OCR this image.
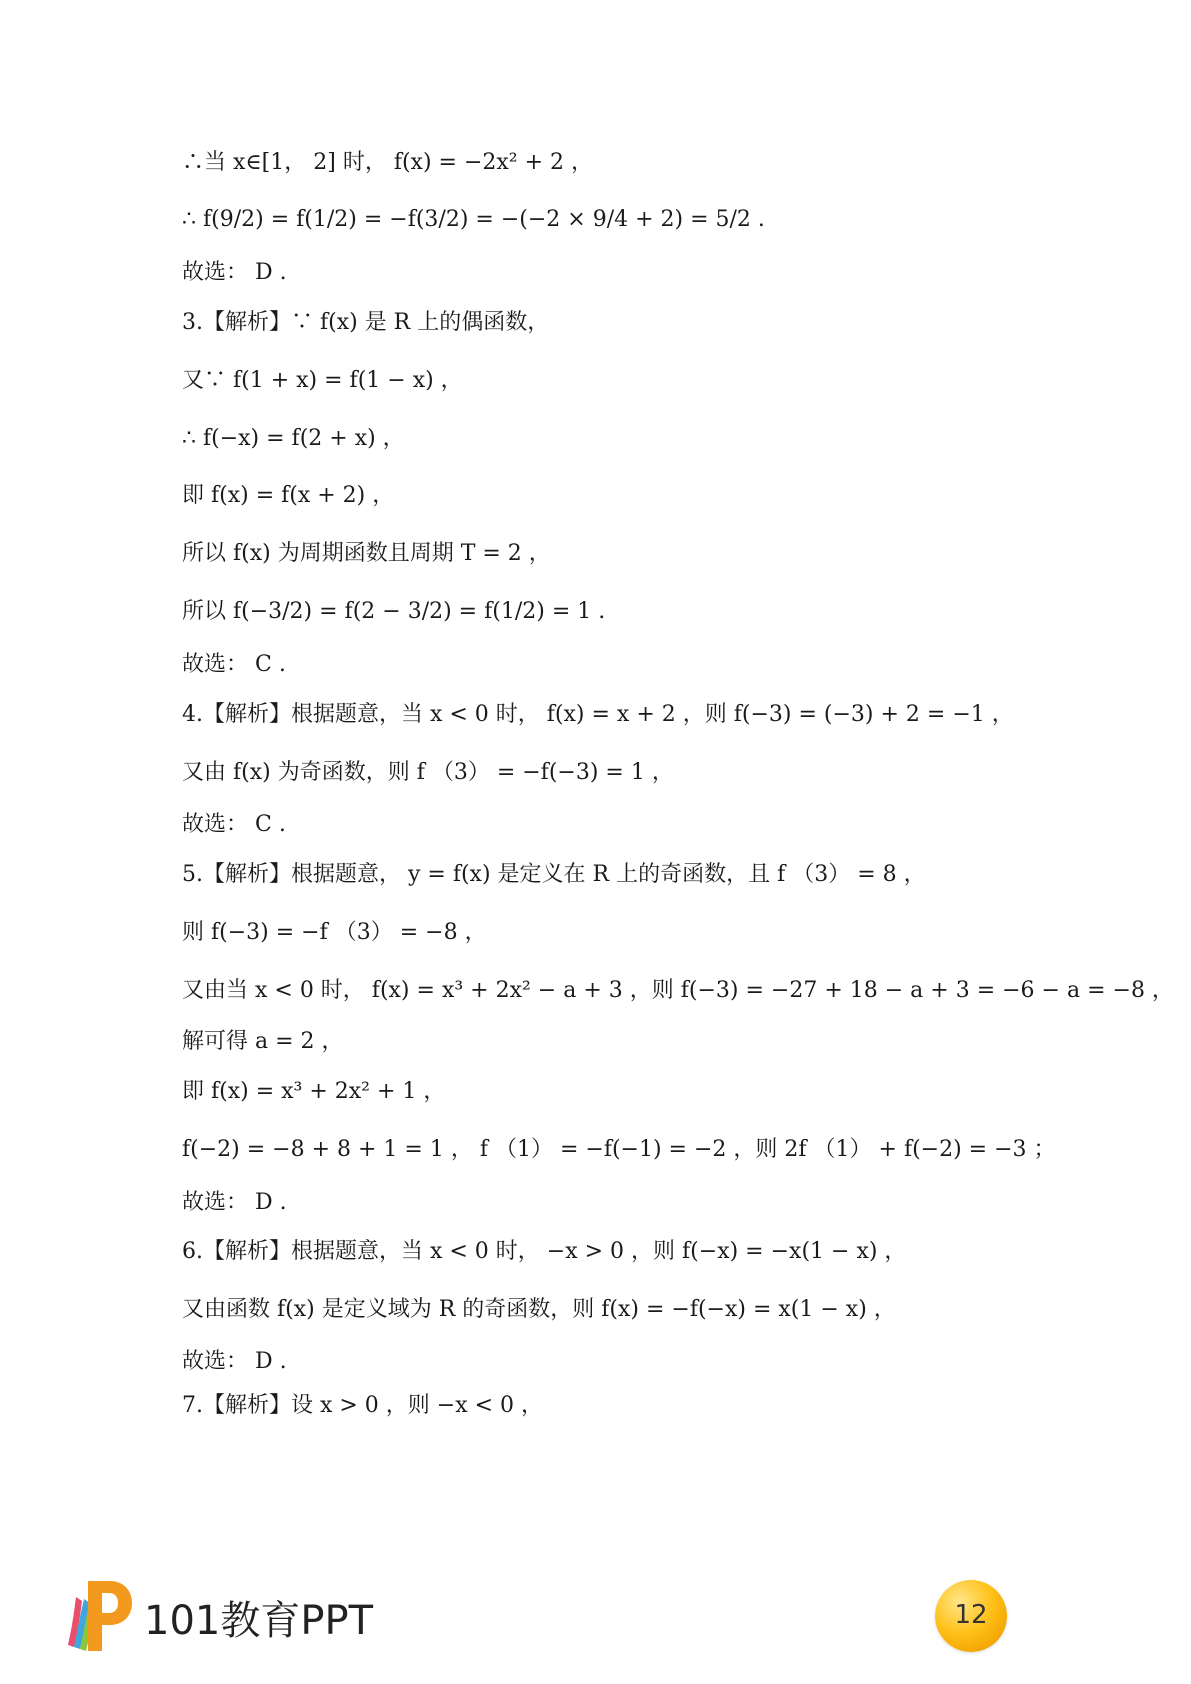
∴当 x∈[1， 2] 时， f(x) = −2x² + 2 ，
∴ f(9/2) = f(1/2) = −f(3/2) = −(−2 × 9/4 + 2) = 5/2 .
故选： D .
3.【解析】∵ f(x) 是 R 上的偶函数，
又∵ f(1 + x) = f(1 − x) ，
∴ f(−x) = f(2 + x) ，
即 f(x) = f(x + 2) ，
所以 f(x) 为周期函数且周期 T = 2 ，
所以 f(−3/2) = f(2 − 3/2) = f(1/2) = 1 .
故选： C .
4.【解析】根据题意，当 x < 0 时， f(x) = x + 2 ，则 f(−3) = (−3) + 2 = −1 ，
又由 f(x) 为奇函数，则 f （3） = −f(−3) = 1 ，
故选： C .
5.【解析】根据题意， y = f(x) 是定义在 R 上的奇函数，且 f （3） = 8 ，
则 f(−3) = −f （3） = −8 ，
又由当 x < 0 时， f(x) = x³ + 2x² − a + 3 ，则 f(−3) = −27 + 18 − a + 3 = −6 − a = −8 ，
解可得 a = 2 ，
即 f(x) = x³ + 2x² + 1 ，
f(−2) = −8 + 8 + 1 = 1 ， f （1） = −f(−1) = −2 ，则 2f （1） + f(−2) = −3 ；
故选： D .
6.【解析】根据题意，当 x < 0 时， −x > 0 ，则 f(−x) = −x(1 − x) ，
又由函数 f(x) 是定义域为 R 的奇函数，则 f(x) = −f(−x) = x(1 − x) ，
故选： D .
7.【解析】设 x > 0 ，则 −x < 0 ，
101教育PPT	12
